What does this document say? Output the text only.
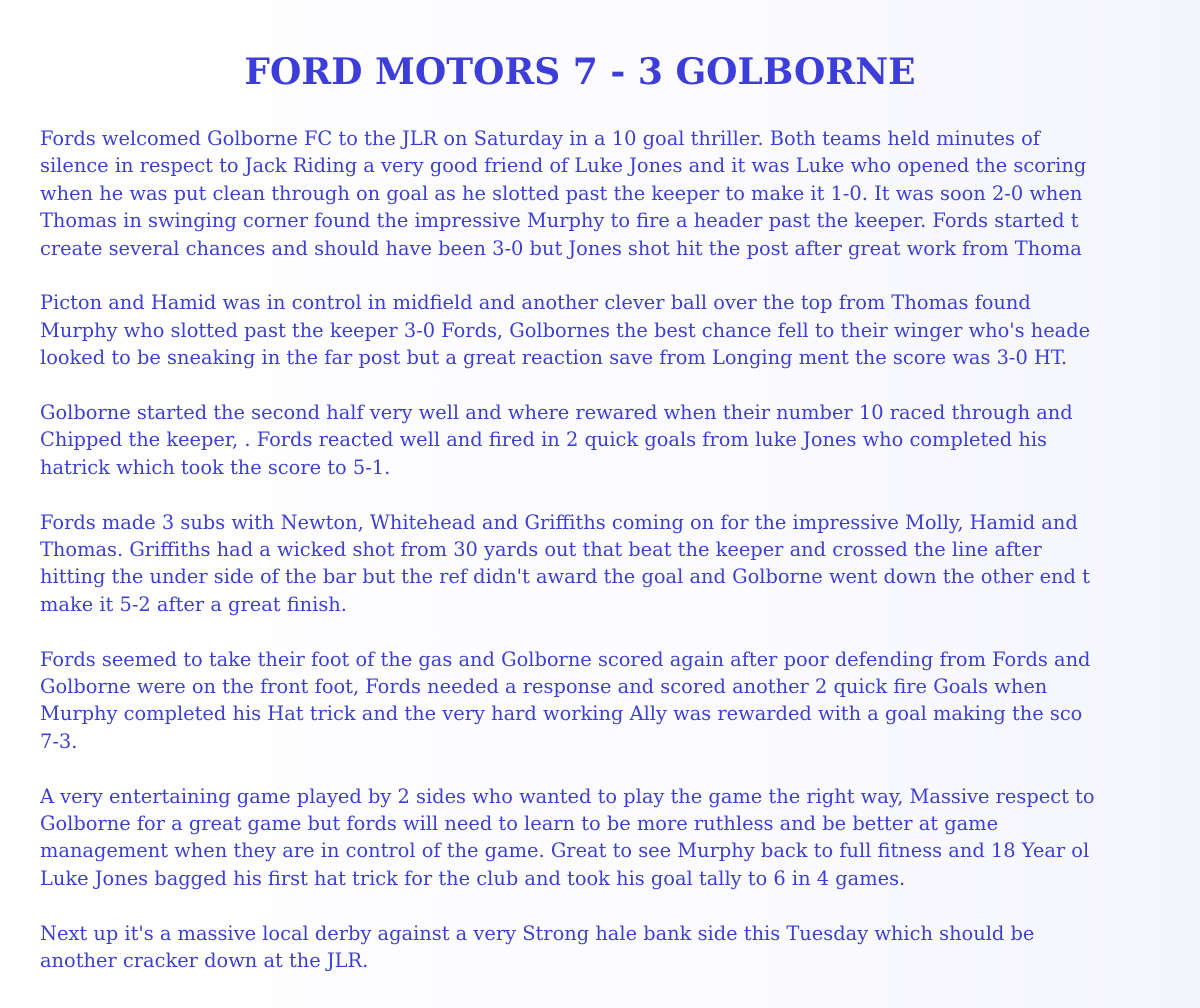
FORD MOTORS 7 - 3 GOLBORNE

Fords welcomed Golborne FC to the JLR on Saturday in a 10 goal thriller. Both teams held minutes of
silence in respect to Jack Riding a very good friend of Luke Jones and it was Luke who opened the scoring
when he was put clean through on goal as he slotted past the keeper to make it 1-0. It was soon 2-0 when
Thomas in swinging corner found the impressive Murphy to fire a header past the keeper. Fords started t
create several chances and should have been 3-0 but Jones shot hit the post after great work from Thoma

Picton and Hamid was in control in midfield and another clever ball over the top from Thomas found
Murphy who slotted past the keeper 3-0 Fords, Golbornes the best chance fell to their winger who's heade
looked to be sneaking in the far post but a great reaction save from Longing ment the score was 3-0 HT.

Golborne started the second half very well and where rewared when their number 10 raced through and
Chipped the keeper, . Fords reacted well and fired in 2 quick goals from luke Jones who completed his
hatrick which took the score to 5-1.

Fords made 3 subs with Newton, Whitehead and Griffiths coming on for the impressive Molly, Hamid and
Thomas. Griffiths had a wicked shot from 30 yards out that beat the keeper and crossed the line after
hitting the under side of the bar but the ref didn't award the goal and Golborne went down the other end t
make it 5-2 after a great finish.

Fords seemed to take their foot of the gas and Golborne scored again after poor defending from Fords and
Golborne were on the front foot, Fords needed a response and scored another 2 quick fire Goals when
Murphy completed his Hat trick and the very hard working Ally was rewarded with a goal making the sco
7-3.

A very entertaining game played by 2 sides who wanted to play the game the right way, Massive respect to
Golborne for a great game but fords will need to learn to be more ruthless and be better at game
management when they are in control of the game. Great to see Murphy back to full fitness and 18 Year ol
Luke Jones bagged his first hat trick for the club and took his goal tally to 6 in 4 games.

Next up it's a massive local derby against a very Strong hale bank side this Tuesday which should be
another cracker down at the JLR.
